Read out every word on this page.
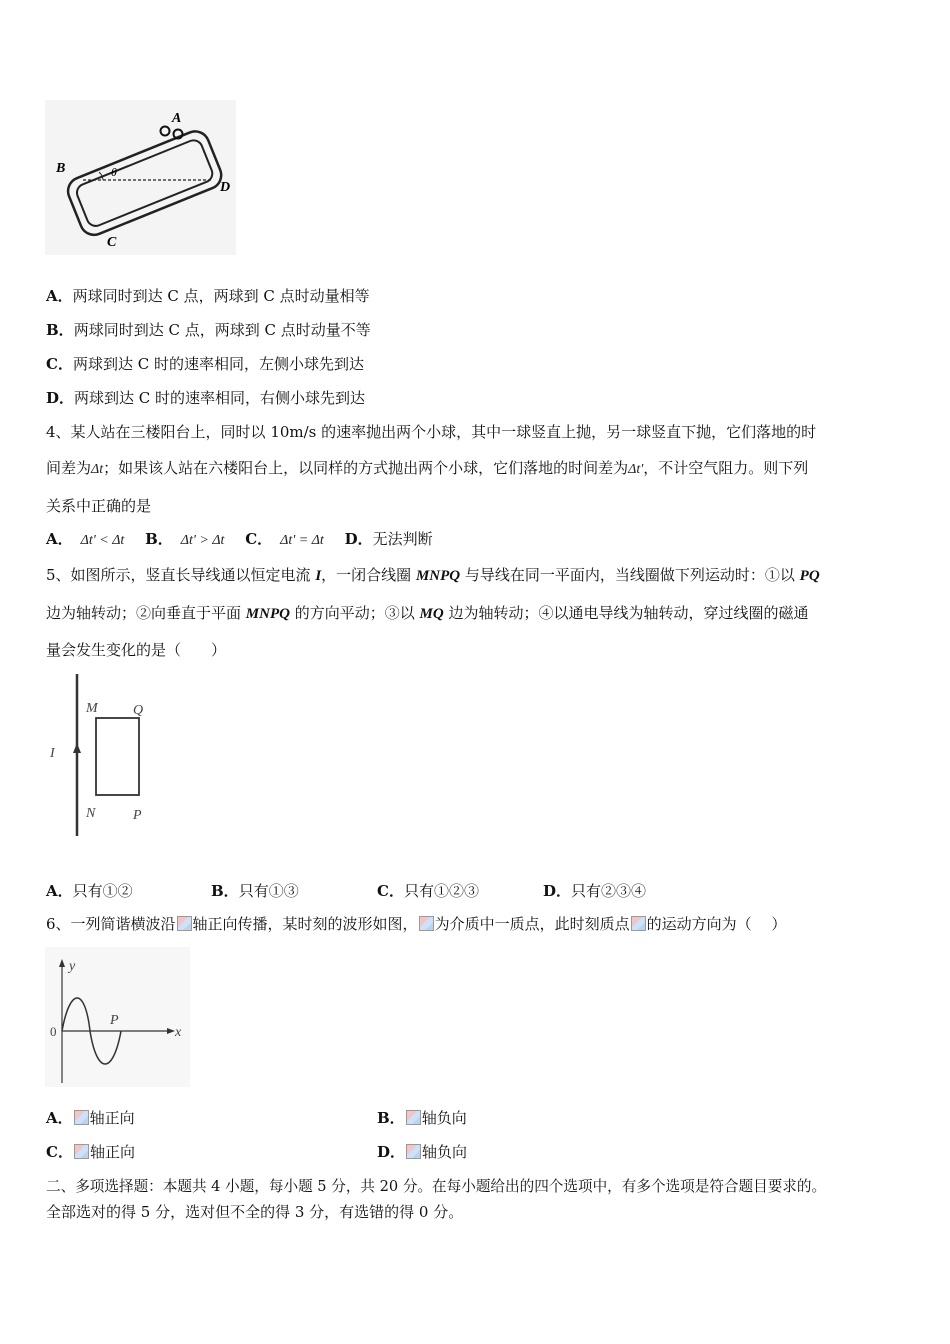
A
B
C
D
θ
A．两球同时到达 C 点，两球到 C 点时动量相等
B．两球同时到达 C 点，两球到 C 点时动量不等
C．两球到达 C 时的速率相同，左侧小球先到达
D．两球到达 C 时的速率相同，右侧小球先到达
4、某人站在三楼阳台上，同时以 10m/s 的速率抛出两个小球，其中一球竖直上抛，另一球竖直下抛，它们落地的时
间差为Δt；如果该人站在六楼阳台上，以同样的方式抛出两个小球，它们落地的时间差为Δt'，不计空气阻力。则下列
关系中正确的是
A． Δt' < Δt B． Δt' > Δt C． Δt' = Δt D．无法判断
5、如图所示，竖直长导线通以恒定电流 I，一闭合线圈 MNPQ 与导线在同一平面内，当线圈做下列运动时：①以 PQ
边为轴转动；②向垂直于平面 MNPQ 的方向平动；③以 MQ 边为轴转动；④以通电导线为轴转动，穿过线圈的磁通
量会发生变化的是（　　）
I
M	Q
N	P
A．只有①②	B．只有①③	C．只有①②③	D．只有②③④
6、一列简谐横波沿 轴正向传播，某时刻的波形如图， 为介质中一质点，此时刻质点 的运动方向为（　 ）
y
x
0
P
A． 轴正向	B． 轴负向
C． 轴正向	D． 轴负向
二、多项选择题：本题共 4 小题，每小题 5 分，共 20 分。在每小题给出的四个选项中，有多个选项是符合题目要求的。
全部选对的得 5 分，选对但不全的得 3 分，有选错的得 0 分。
